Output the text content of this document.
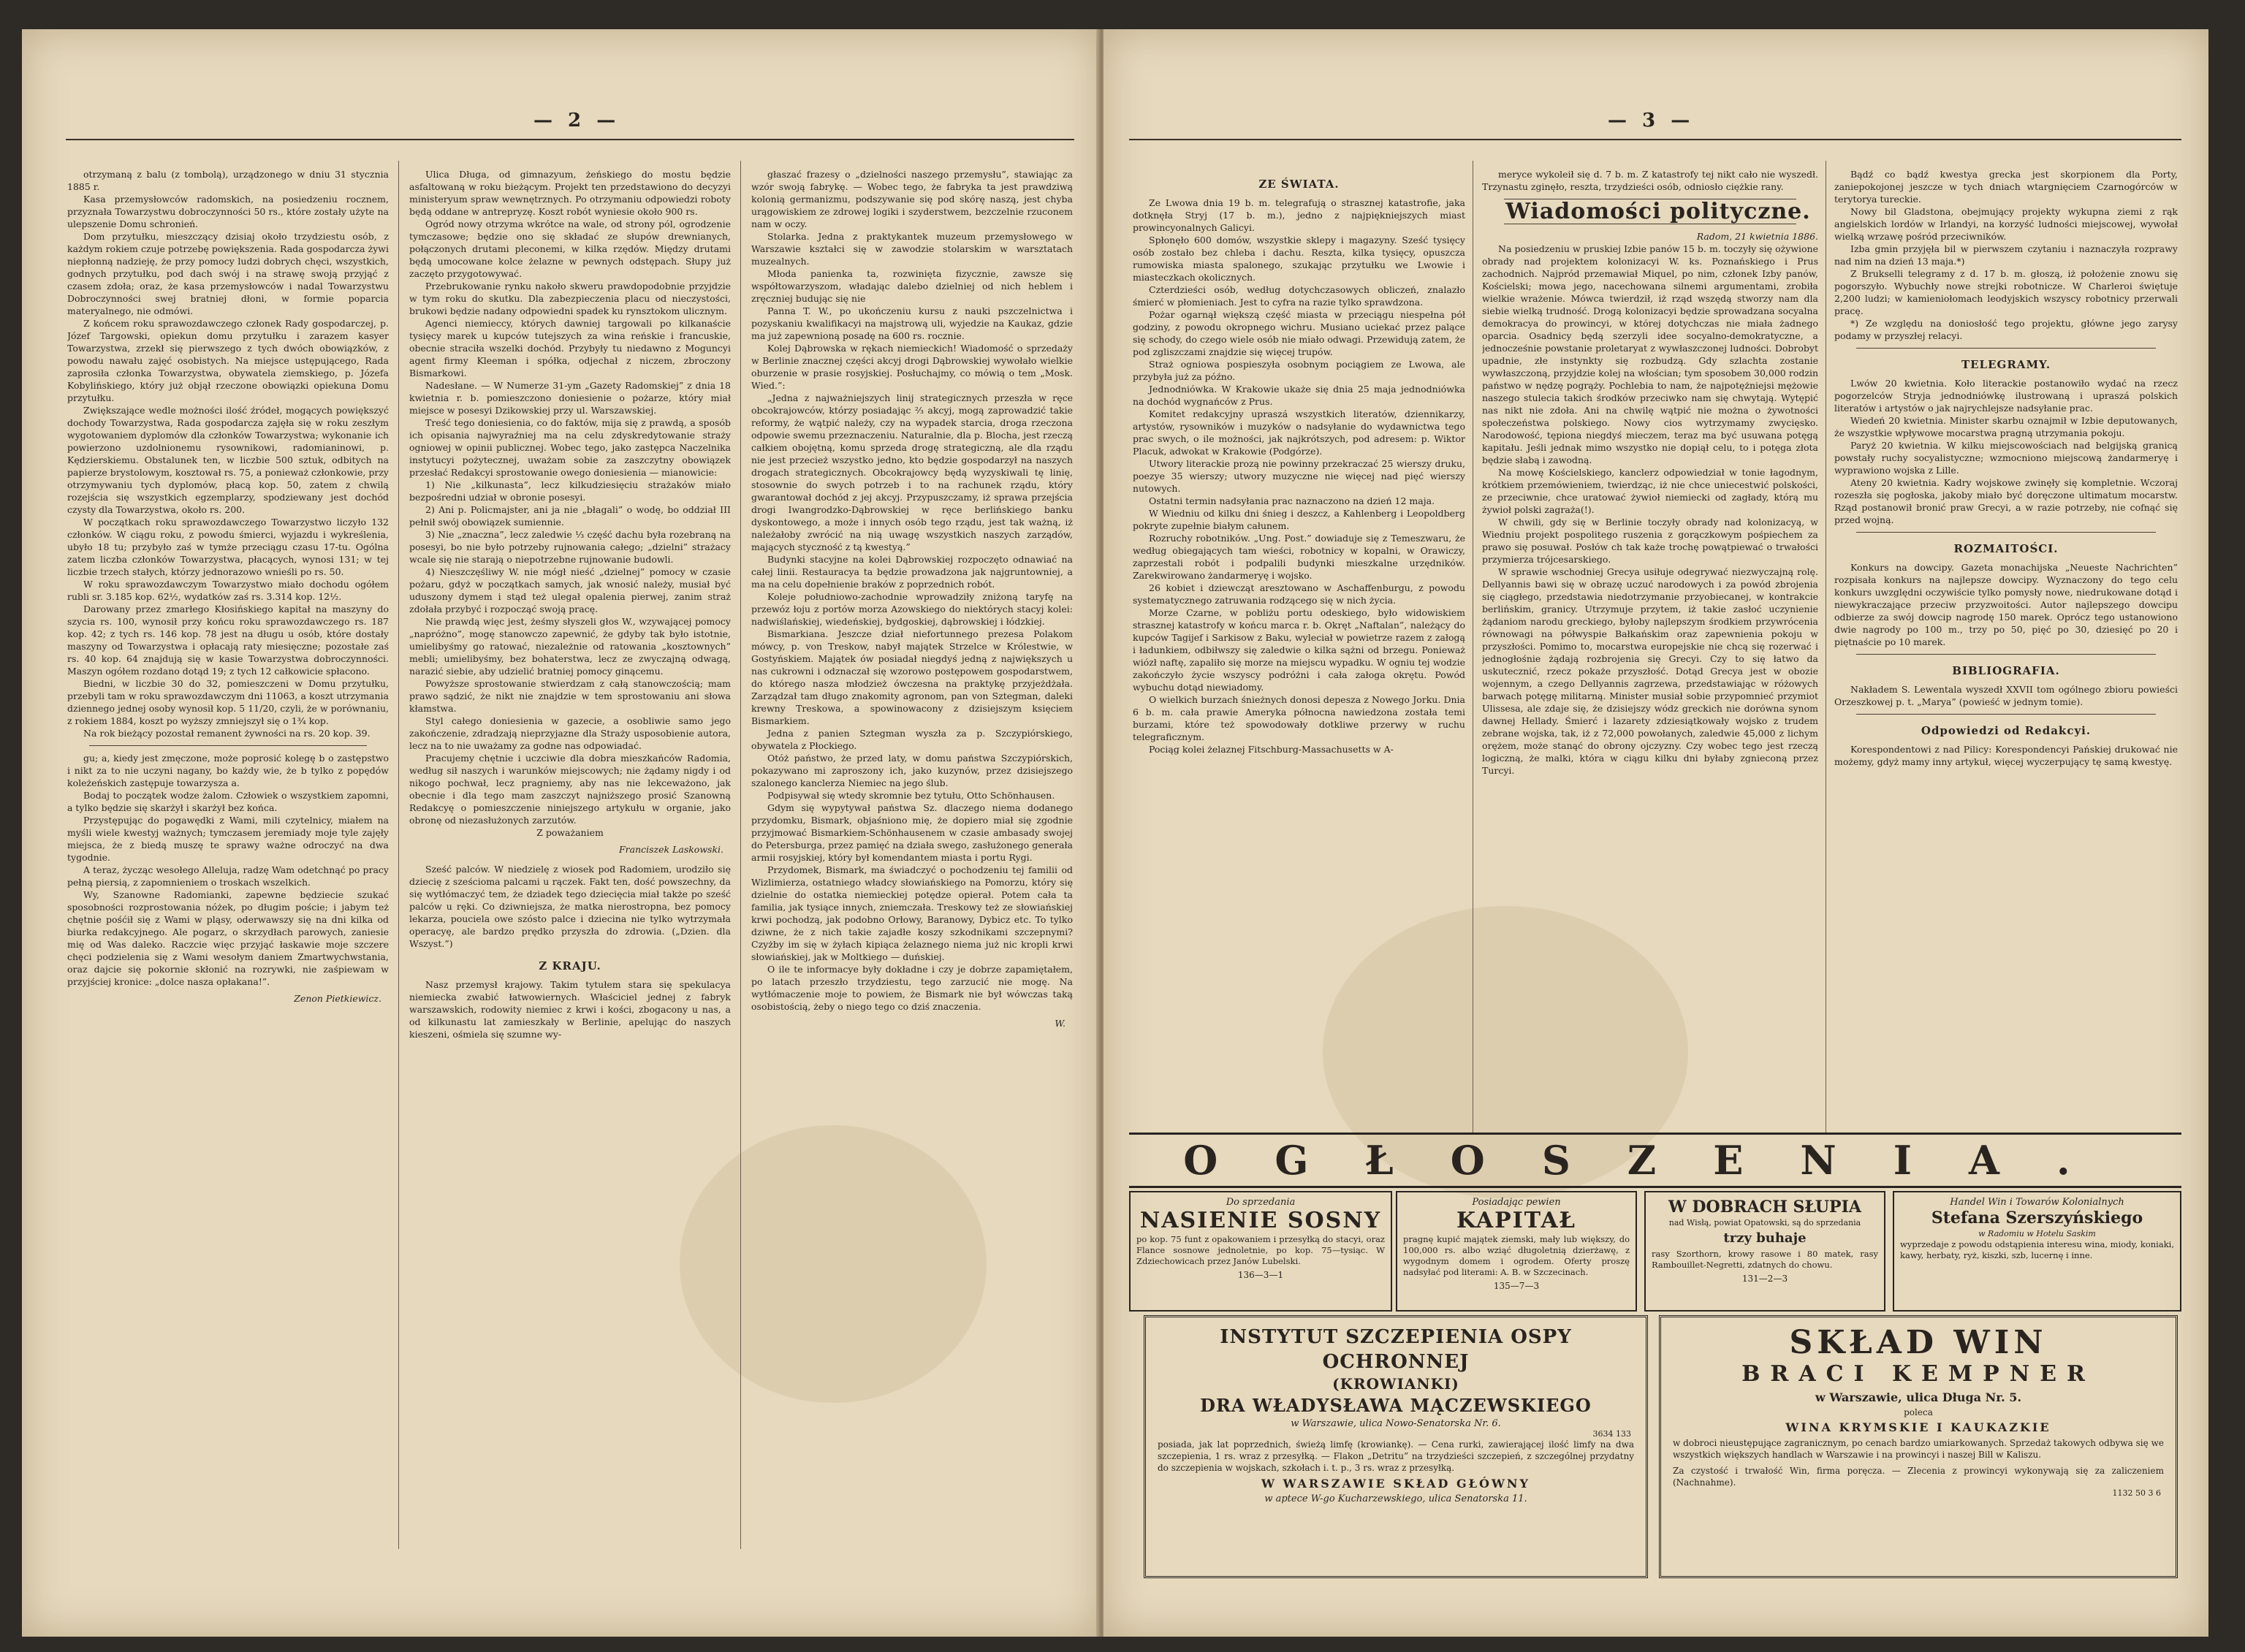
— 2 —

otrzymaną z balu (z tombolą), urządzonego w dniu 31 stycznia 1885 r.

Kasa przemysłowców radomskich, na posiedzeniu rocznem, przyznała Towarzystwu dobroczynności 50 rs., które zostały użyte na ulepszenie Domu schronień.

Dom przytułku, mieszczący dzisiaj około trzydziestu osób, z każdym rokiem czuje potrzebę powiększenia. Rada gospodarcza żywi niepłonną nadzieję, że przy pomocy ludzi dobrych chęci, wszystkich, godnych przytułku, pod dach swój i na strawę swoją przyjąć z czasem zdoła; oraz, że kasa przemysłowców i nadal Towarzystwu Dobroczynności swej bratniej dłoni, w formie poparcia materyalnego, nie odmówi.

Z końcem roku sprawozdawczego członek Rady gospodarczej, p. Józef Targowski, opiekun domu przytułku i zarazem kasyer Towarzystwa, zrzekł się pierwszego z tych dwóch obowiązków, z powodu nawału zajęć osobistych. Na miejsce ustępującego, Rada zaprosiła członka Towarzystwa, obywatela ziemskiego, p. Józefa Kobylińskiego, który już objął rzeczone obowiązki opiekuna Domu przytułku.

Zwiększające wedle możności ilość źródeł, mogących powiększyć dochody Towarzystwa, Rada gospodarcza zajęła się w roku zeszłym wygotowaniem dyplomów dla członków Towarzystwa; wykonanie ich powierzono uzdolnionemu rysownikowi, radomianinowi, p. Kędzierskiemu. Obstalunek ten, w liczbie 500 sztuk, odbitych na papierze brystolowym, kosztował rs. 75, a ponieważ członkowie, przy otrzymywaniu tych dyplomów, płacą kop. 50, zatem z chwilą rozejścia się wszystkich egzemplarzy, spodziewany jest dochód czysty dla Towarzystwa, około rs. 200.

W początkach roku sprawozdawczego Towarzystwo liczyło 132 członków. W ciągu roku, z powodu śmierci, wyjazdu i wykreślenia, ubyło 18 tu; przybyło zaś w tymże przeciągu czasu 17-tu. Ogólna zatem liczba członków Towarzystwa, płacących, wynosi 131; w tej liczbie trzech stałych, którzy jednorazowo wnieśli po rs. 50.

W roku sprawozdawczym Towarzystwo miało dochodu ogółem rubli sr. 3.185 kop. 62½, wydatków zaś rs. 3.314 kop. 12½.

Darowany przez zmarłego Kłosińskiego kapitał na maszyny do szycia rs. 100, wynosił przy końcu roku sprawozdawczego rs. 187 kop. 42; z tych rs. 146 kop. 78 jest na długu u osób, które dostały maszyny od Towarzystwa i opłacają raty miesięczne; pozostałe zaś rs. 40 kop. 64 znajdują się w kasie Towarzystwa dobroczynności. Maszyn ogółem rozdano dotąd 19; z tych 12 całkowicie spłacono.

Biedni, w liczbie 30 do 32, pomieszczeni w Domu przytułku, przebyli tam w roku sprawozdawczym dni 11063, a koszt utrzymania dziennego jednej osoby wynosił kop. 5 11/20, czyli, że w porównaniu, z rokiem 1884, koszt po wyższy zmniejszył się o 1¾ kop.

Na rok bieżący pozostał remanent żywności na rs. 20 kop. 39.

gu; a, kiedy jest zmęczone, może poprosić kolegę b o zastępstwo i nikt za to nie uczyni nagany, bo każdy wie, że b tylko z popędów koleżeńskich zastępuje towarzysza a.

Bodaj to początek wodze żalom. Człowiek o wszystkiem zapomni, a tylko będzie się skarżył i skarżył bez końca.

Przystępując do pogawędki z Wami, mili czytelnicy, miałem na myśli wiele kwestyj ważnych; tymczasem jeremiady moje tyle zajęły miejsca, że z biedą muszę te sprawy ważne odroczyć na dwa tygodnie.

A teraz, życząc wesołego Alleluja, radzę Wam odetchnąć po pracy pełną piersią, z zapomnieniem o troskach wszelkich.

Wy, Szanowne Radomianki, zapewne będziecie szukać sposobności rozprostowania nóżek, po długim poście; i jabym też chętnie pośćił się z Wami w pląsy, oderwawszy się na dni kilka od biurka redakcyjnego. Ale pogarz, o skrzydłach parowych, zaniesie mię od Was daleko. Raczcie więc przyjąć łaskawie moje szczere chęci podzielenia się z Wami wesołym daniem Zmartwychwstania, oraz dajcie się pokornie skłonić na rozrywki, nie zaśpiewam w przyjściej kronice: „dolce nasza opłakana!”.

Zenon Pietkiewicz.

Ulica Długa, od gimnazyum, żeńskiego do mostu będzie asfaltowaną w roku bieżącym. Projekt ten przedstawiono do decyzyi ministeryum spraw wewnętrznych. Po otrzymaniu odpowiedzi roboty będą oddane w antrepryzę. Koszt robót wyniesie około 900 rs.

Ogród nowy otrzyma wkrótce na wale, od strony pól, ogrodzenie tymczasowe; będzie ono się składać ze słupów drewnianych, połączonych drutami pleconemi, w kilka rzędów. Między drutami będą umocowane kolce żelazne w pewnych odstępach. Słupy już zaczęto przygotowywać.

Przebrukowanie rynku nakoło skweru prawdopodobnie przyjdzie w tym roku do skutku. Dla zabezpieczenia placu od nieczystości, brukowi będzie nadany odpowiedni spadek ku rynsztokom ulicznym.

Agenci niemieccy, których dawniej targowali po kilkanaście tysięcy marek u kupców tutejszych za wina reńskie i francuskie, obecnie straciła wszelki dochód. Przybyły tu niedawno z Moguncyi agent firmy Kleeman i spółka, odjechał z niczem, zbroczony Bismarkowi.

Nadesłane. — W Numerze 31-ym „Gazety Radomskiej” z dnia 18 kwietnia r. b. pomieszczono doniesienie o pożarze, który miał miejsce w posesyi Dzikowskiej przy ul. Warszawskiej.

Treść tego doniesienia, co do faktów, mija się z prawdą, a sposób ich opisania najwyraźniej ma na celu zdyskredytowanie straży ogniowej w opinii publicznej. Wobec tego, jako zastępca Naczelnika instytucyi pożytecznej, uważam sobie za zaszczytny obowiązek przesłać Redakcyi sprostowanie owego doniesienia — mianowicie:

1) Nie „kilkunasta”, lecz kilkudziesięciu strażaków miało bezpośredni udział w obronie posesyi.

2) Ani p. Policmajster, ani ja nie „błagali” o wodę, bo oddział III pełnił swój obowiązek sumiennie.

3) Nie „znaczna”, lecz zaledwie ⅓ część dachu była rozebraną na posesyi, bo nie było potrzeby rujnowania całego; „dzielni” strażacy wcale się nie starają o niepotrzebne rujnowanie budowli.

4) Nieszczęśliwy W. nie mógł nieść „dzielnej” pomocy w czasie pożaru, gdyż w początkach samych, jak wnosić należy, musiał być uduszony dymem i stąd też ulegał opalenia pierwej, zanim straż zdołała przybyć i rozpocząć swoją pracę.

Nie prawdą więc jest, żeśmy słyszeli głos W., wzywającej pomocy „napróżno”, mogę stanowczo zapewnić, że gdyby tak było istotnie, umielibyśmy go ratować, niezależnie od ratowania „kosztownych” mebli; umielibyśmy, bez bohaterstwa, lecz ze zwyczajną odwagą, narazić siebie, aby udzielić bratniej pomocy ginącemu.

Powyższe sprostowanie stwierdzam z całą stanowczością; mam prawo sądzić, że nikt nie znajdzie w tem sprostowaniu ani słowa kłamstwa.

Styl całego doniesienia w gazecie, a osobliwie samo jego zakończenie, zdradzają nieprzyjazne dla Straży usposobienie autora, lecz na to nie uważamy za godne nas odpowiadać.

Pracujemy chętnie i uczciwie dla dobra mieszkańców Radomia, według sił naszych i warunków miejscowych; nie żądamy nigdy i od nikogo pochwał, lecz pragniemy, aby nas nie lekceważono, jak obecnie i dla tego mam zaszczyt najniższego prosić Szanowną Redakcyę o pomieszczenie niniejszego artykułu w organie, jako obronę od niezasłużonych zarzutów.

Z poważaniem

Franciszek Laskowski.

Sześć palców. W niedzielę z wiosek pod Radomiem, urodziło się dziecię z sześcioma palcami u rączek. Fakt ten, dość powszechny, da się wytłómaczyć tem, że dziadek tego dziecięcia miał także po sześć palców u ręki. Co dziwniejsza, że matka nierostropna, bez pomocy lekarza, pouciela owe szósto palce i dziecina nie tylko wytrzymała operacyę, ale bardzo prędko przyszła do zdrowia. („Dzien. dla Wszyst.”)

Z KRAJU.

Nasz przemysł krajowy. Takim tytułem stara się spekulacya niemiecka zwabić łatwowiernych. Właściciel jednej z fabryk warszawskich, rodowity niemiec z krwi i kości, zbogacony u nas, a od kilkunastu lat zamieszkały w Berlinie, apelując do naszych kieszeni, ośmiela się szumne wy-

głaszać frazesy o „dzielności naszego przemysłu”, stawiając za wzór swoją fabrykę. — Wobec tego, że fabryka ta jest prawdziwą kolonią germanizmu, podszywanie się pod skórę naszą, jest chyba urągowiskiem ze zdrowej logiki i szyderstwem, bezczelnie rzuconem nam w oczy.

Stolarka. Jedna z praktykantek muzeum przemysłowego w Warszawie kształci się w zawodzie stolarskim w warsztatach muzealnych.

Młoda panienka ta, rozwinięta fizycznie, zawsze się współtowarzyszom, władając dalebo dzielniej od nich heblem i zręczniej budując się nie

Panna T. W., po ukończeniu kursu z nauki pszczelnictwa i pozyskaniu kwalifikacyi na majstrową uli, wyjedzie na Kaukaz, gdzie ma już zapewnioną posadę na 600 rs. rocznie.

Kolej Dąbrowska w rękach niemieckich! Wiadomość o sprzedaży w Berlinie znacznej części akcyj drogi Dąbrowskiej wywołało wielkie oburzenie w prasie rosyjskiej. Posłuchajmy, co mówią o tem „Mosk. Wied.”:

„Jedna z najważniejszych linij strategicznych przeszła w ręce obcokrajowców, którzy posiadając ⅔ akcyj, mogą zaprowadzić takie reformy, że wątpić należy, czy na wypadek starcia, droga rzeczona odpowie swemu przeznaczeniu. Naturalnie, dla p. Blocha, jest rzeczą całkiem obojętną, komu sprzeda drogę strategiczną, ale dla rządu nie jest przecież wszystko jedno, kto będzie gospodarzył na naszych drogach strategicznych. Obcokrajowcy będą wyzyskiwali tę linię, stosownie do swych potrzeb i to na rachunek rządu, który gwarantował dochód z jej akcyj. Przypuszczamy, iż sprawa przejścia drogi Iwangrodzko-Dąbrowskiej w ręce berlińskiego banku dyskontowego, a może i innych osób tego rządu, jest tak ważną, iż należałoby zwrócić na nią uwagę wszystkich naszych zarządów, mających styczność z tą kwestyą.”

Budynki stacyjne na kolei Dąbrowskiej rozpoczęto odnawiać na całej linii. Restauracya ta będzie prowadzona jak najgruntowniej, a ma na celu dopełnienie braków z poprzednich robót.

Koleje południowo-zachodnie wprowadziły zniżoną taryfę na przewóz łoju z portów morza Azowskiego do niektórych stacyj kolei: nadwiślańskiej, wiedeńskiej, bydgoskiej, dąbrowskiej i łódzkiej.

Bismarkiana. Jeszcze dział niefortunnego prezesa Polakom mówcy, p. von Treskow, nabył majątek Strzelce w Królestwie, w Gostyńskiem. Majątek ów posiadał niegdyś jedną z największych u nas cukrowni i odznaczał się wzorowo postępowem gospodarstwem, do którego nasza młodzież ówczesna na praktykę przyjeżdżała. Zarządzał tam długo znakomity agronom, pan von Sztegman, daleki krewny Treskowa, a spowinowacony z dzisiejszym księciem Bismarkiem.

Jedna z panien Sztegman wyszła za p. Szczypiórskiego, obywatela z Płockiego.

Otóż państwo, że przed laty, w domu państwa Szczypiórskich, pokazywano mi zaproszony ich, jako kuzynów, przez dzisiejszego szalonego kanclerza Niemiec na jego ślub.

Podpisywał się wtedy skromnie bez tytułu, Otto Schönhausen.

Gdym się wypytywał państwa Sz. dlaczego niema dodanego przydomku, Bismark, objaśniono mię, że dopiero miał się zgodnie przyjmować Bismarkiem-Schönhausenem w czasie ambasady swojej do Petersburga, przez pamięć na działa swego, zasłużonego generała armii rosyjskiej, który był komendantem miasta i portu Rygi.

Przydomek, Bismark, ma świadczyć o pochodzeniu tej familii od Wizlimierza, ostatniego władcy słowiańskiego na Pomorzu, który się dzielnie do ostatka niemieckiej potędze opierał. Potem cała ta familia, jak tysiące innych, zniemczała. Treskowy też ze słowiańskiej krwi pochodzą, jak podobno Orłowy, Baranowy, Dybicz etc. To tylko dziwne, że z nich takie zajadłe koszy szkodnikami szczepnymi? Czyżby im się w żyłach kipiąca żelaznego niema już nic kropli krwi słowiańskiej, jak w Moltkiego — duńskiej.

O ile te informacye były dokładne i czy je dobrze zapamiętałem, po latach przeszło trzydziestu, tego zarzucić nie mogę. Na wytłómaczenie moje to powiem, że Bismark nie był wówczas taką osobistością, żeby o niego tego co dziś znaczenia.

W.

— 3 —

ZE ŚWIATA.

Ze Lwowa dnia 19 b. m. telegrafują o strasznej katastrofie, jaka dotknęła Stryj (17 b. m.), jedno z najpiękniejszych miast prowincyonalnych Galicyi.

Spłonęło 600 domów, wszystkie sklepy i magazyny. Sześć tysięcy osób zostało bez chleba i dachu. Reszta, kilka tysięcy, opuszcza rumowiska miasta spalonego, szukając przytułku we Lwowie i miasteczkach okolicznych.

Czterdzieści osób, według dotychczasowych obliczeń, znalazło śmierć w płomieniach. Jest to cyfra na razie tylko sprawdzona.

Pożar ogarnął większą część miasta w przeciągu niespełna pół godziny, z powodu okropnego wichru. Musiano uciekać przez palące się schody, do czego wiele osób nie miało odwagi. Przewidują zatem, że pod zgliszczami znajdzie się więcej trupów.

Straż ogniowa pospieszyła osobnym pociągiem ze Lwowa, ale przybyła już za późno.

Jednodniówka. W Krakowie ukaże się dnia 25 maja jednodniówka na dochód wygnańców z Prus.

Komitet redakcyjny upraszá wszystkich literatów, dziennikarzy, artystów, rysowników i muzyków o nadsyłanie do wydawnictwa tego prac swych, o ile możności, jak najkrótszych, pod adresem: p. Wiktor Placuk, adwokat w Krakowie (Podgórze).

Utwory literackie prozą nie powinny przekraczać 25 wierszy druku, poezye 35 wierszy; utwory muzyczne nie więcej nad pięć wierszy nutowych.

Ostatni termin nadsyłania prac naznaczono na dzień 12 maja.

W Wiedniu od kilku dni śnieg i deszcz, a Kahlenberg i Leopoldberg pokryte zupełnie białym całunem.

Rozruchy robotników. „Ung. Post.” dowiaduje się z Temeszwaru, że według obiegających tam wieści, robotnicy w kopalni, w Orawiczy, zaprzestali robót i podpalili budynki mieszkalne urzędników. Zarekwirowano żandarmeryę i wojsko.

26 kobiet i dziewcząt aresztowano w Aschaffenburgu, z powodu systematycznego zatruwania rodzącego się w nich życia.

Morze Czarne, w pobliżu portu odeskiego, było widowiskiem strasznej katastrofy w końcu marca r. b. Okręt „Naftalan”, należący do kupców Tagijef i Sarkisow z Baku, wyleciał w powietrze razem z załogą i ładunkiem, odbiłwszy się zaledwie o kilka sążni od brzegu. Ponieważ wiózł naftę, zapaliło się morze na miejscu wypadku. W ogniu tej wodzie zakończyło życie wszyscy podróżni i cała załoga okrętu. Powód wybuchu dotąd niewiadomy.

O wielkich burzach śnieżnych donosi depesza z Nowego Jorku. Dnia 6 b. m. cała prawie Ameryka północna nawiedzona została temi burzami, które też spowodowały dotkliwe przerwy w ruchu telegraficznym.

Pociąg kolei żelaznej Fitschburg-Massachusetts w A-

meryce wykoleił się d. 7 b. m. Z katastrofy tej nikt cało nie wyszedł. Trzynastu zginęło, reszta, trzydzieści osób, odniosło ciężkie rany.

Wiadomości polityczne.

Radom, 21 kwietnia 1886.

Na posiedzeniu w pruskiej Izbie panów 15 b. m. toczyły się ożywione obrady nad projektem kolonizacyi W. ks. Poznańskiego i Prus zachodnich. Najpród przemawiał Miquel, po nim, członek Izby panów, Kościelski; mowa jego, nacechowana silnemi argumentami, zrobiła wielkie wrażenie. Mówca twierdził, iż rząd wszędą stworzy nam dla siebie wielką trudność. Drogą kolonizacyi będzie sprowadzana socyalna demokracya do prowincyi, w której dotychczas nie miała żadnego oparcia. Osadnicy będą szerzyli idee socyalno-demokratyczne, a jednocześnie powstanie proletaryat z wywłaszczonej ludności. Dobrobyt upadnie, złe instynkty się rozbudzą. Gdy szlachta zostanie wywłaszczoną, przyjdzie kolej na włościan; tym sposobem 30,000 rodzin państwo w nędzę pogrąży. Pochlebia to nam, że najpotężniejsi mężowie naszego stulecia takich środków przeciwko nam się chwytają. Wytępić nas nikt nie zdoła. Ani na chwilę wątpić nie można o żywotności społeczeństwa polskiego. Nowy cios wytrzymamy zwycięsko. Narodowość, tępiona niegdyś mieczem, teraz ma być usuwana potęgą kapitału. Jeśli jednak mimo wszystko nie dopiął celu, to i potęga złota będzie słabą i zawodną.

Na mowę Kościelskiego, kanclerz odpowiedział w tonie łagodnym, krótkiem przemówieniem, twierdząc, iż nie chce uniecestwić polskości, ze przeciwnie, chce uratować żywioł niemiecki od zagłady, którą mu żywioł polski zagraża(!).

W chwili, gdy się w Berlinie toczyły obrady nad kolonizacyą, w Wiedniu projekt pospolitego ruszenia z gorączkowym pośpiechem za prawo się posuwał. Posłów ch tak każe trochę powątpiewać o trwałości przymierza trójcesarskiego.

W sprawie wschodniej Grecya usiłuje odegrywać niezwyczajną rolę. Dellyannis bawi się w obrazę uczuć narodowych i za powód zbrojenia się ciągłego, przedstawia niedotrzymanie przyobiecanej, w kontrakcie berlińskim, granicy. Utrzymuje przytem, iż takie zasłoć uczynienie żądaniom narodu greckiego, byłoby najlepszym środkiem przywrócenia równowagi na półwyspie Bałkańskim oraz zapewnienia pokoju w przyszłości. Pomimo to, mocarstwa europejskie nie chcą się rozerwać i jednogłośnie żądają rozbrojenia się Grecyi. Czy to się łatwo da uskutecznić, rzecz pokaże przyszłość. Dotąd Grecya jest w obozie wojennym, a czego Dellyannis zagrzewa, przedstawiając w różowych barwach potęgę militarną. Minister musiał sobie przypomnieć przymiot Ulissesa, ale zdaje się, że dzisiejszy wódz greckich nie dorówna synom dawnej Hellady. Śmierć i lazarety zdziesiątkowały wojsko z trudem zebrane wojska, tak, iż z 72,000 powołanych, zaledwie 45,000 z lichym orężem, może stanąć do obrony ojczyzny. Czy wobec tego jest rzeczą logiczną, że malki, która w ciągu kilku dni byłaby zgnieconą przez Turcyi.

Bądź co bądź kwestya grecka jest skorpionem dla Porty, zaniepokojonej jeszcze w tych dniach wtargnięciem Czarnogórców w terytorya tureckie.

Nowy bil Gladstona, obejmujący projekty wykupna ziemi z rąk angielskich lordów w Irlandyi, na korzyść ludności miejscowej, wywołał wielką wrzawę pośród przeciwników.

Izba gmin przyjęła bil w pierwszem czytaniu i naznaczyła rozprawy nad nim na dzień 13 maja.*)

Z Brukselli telegramy z d. 17 b. m. głoszą, iż położenie znowu się pogorszyło. Wybuchły nowe strejki robotnicze. W Charleroi świętuje 2,200 ludzi; w kamieniołomach leodyjskich wszyscy robotnicy przerwali pracę.

*) Ze względu na doniosłość tego projektu, główne jego zarysy podamy w przyszłej relacyi.

TELEGRAMY.

Lwów 20 kwietnia. Koło literackie postanowiło wydać na rzecz pogorzelców Stryja jednodniówkę ilustrowaną i upraszá polskich literatów i artystów o jak najrychlejsze nadsyłanie prac.

Wiedeń 20 kwietnia. Minister skarbu oznajmił w Izbie deputowanych, że wszystkie wpływowe mocarstwa pragną utrzymania pokoju.

Paryż 20 kwietnia. W kilku miejscowościach nad belgijską granicą powstały ruchy socyalistyczne; wzmocniono miejscową żandarmeryę i wyprawiono wojska z Lille.

Ateny 20 kwietnia. Kadry wojskowe zwinęły się kompletnie. Wczoraj rozeszła się pogłoska, jakoby miało być doręczone ultimatum mocarstw. Rząd postanowił bronić praw Grecyi, a w razie potrzeby, nie cofnąć się przed wojną.

ROZMAITOŚCI.

Konkurs na dowcipy. Gazeta monachijska „Neueste Nachrichten” rozpisała konkurs na najlepsze dowcipy. Wyznaczony do tego celu konkurs uwzględni oczywiście tylko pomysły nowe, niedrukowane dotąd i niewykraczające przeciw przyzwoitości. Autor najlepszego dowcipu odbierze za swój dowcip nagrodę 150 marek. Oprócz tego ustanowiono dwie nagrody po 100 m., trzy po 50, pięć po 30, dziesięć po 20 i piętnaście po 10 marek.

BIBLIOGRAFIA.

Nakładem S. Lewentala wyszedł XXVII tom ogólnego zbioru powieści Orzeszkowej p. t. „Marya” (powieść w jednym tomie).

Odpowiedzi od Redakcyi.

Korespondentowi z nad Pilicy: Korespondencyi Pańskiej drukować nie możemy, gdyż mamy inny artykuł, więcej wyczerpujący tę samą kwestyę.

OGŁOSZENIA.
Do sprzedania
NASIENIE SOSNY
po kop. 75 funt z opakowaniem i przesyłką do stacyi, oraz Flance sosnowe jednoletnie, po kop. 75—tysiąc. W Zdziechowicach przez Janów Lubelski.
136—3—1
Posiadając pewien
KAPITAŁ
pragnę kupić majątek ziemski, mały lub większy, do 100,000 rs. albo wziąć długoletnią dzierżawę, z wygodnym domem i ogrodem. Oferty proszę nadsyłać pod literami: A. B. w Szczecinach.
135—7—3
W DOBRACH SŁUPIA
nad Wisłą, powiat Opatowski, są do sprzedania
trzy buhaje
rasy Szorthorn, krowy rasowe i 80 matek, rasy Rambouillet-Negretti, zdatnych do chowu.
131—2—3
Handel Win i Towarów Kolonialnych
Stefana Szerszyńskiego
w Radomiu w Hotelu Saskim
wyprzedaje z powodu odstąpienia interesu wina, miody, koniaki, kawy, herbaty, ryż, kiszki, szb, lucernę i inne.
INSTYTUT SZCZEPIENIA OSPY OCHRONNEJ
(KROWIANKI)
DRA WŁADYSŁAWA MĄCZEWSKIEGO
w Warszawie, ulica Nowo-Senatorska Nr. 6.
3634 133
posiada, jak lat poprzednich, świeżą limfę (krowiankę). — Cena rurki, zawierającej ilość limfy na dwa szczepienia, 1 rs. wraz z przesyłką. — Flakon „Detritu” na trzydzieści szczepień, z szczególnej przydatny do szczepienia w wojskach, szkołach i. t. p., 3 rs. wraz z przesyłką.
W WARSZAWIE SKŁAD GŁÓWNY
w aptece W-go Kucharzewskiego, ulica Senatorska 11.
SKŁAD WIN
BRACI KEMPNER
w Warszawie, ulica Długa Nr. 5.
poleca
WINA KRYMSKIE I KAUKAZKIE
w dobroci nieustępujące zagranicznym, po cenach bardzo umiarkowanych. Sprzedaż takowych odbywa się we wszystkich większych handlach w Warszawie i na prowincyi i naszej Bill w Kaliszu.
Za czystość i trwałość Win, firma poręcza. — Zlecenia z prowincyi wykonywają się za zaliczeniem (Nachnahme).
1132 50 3 6
